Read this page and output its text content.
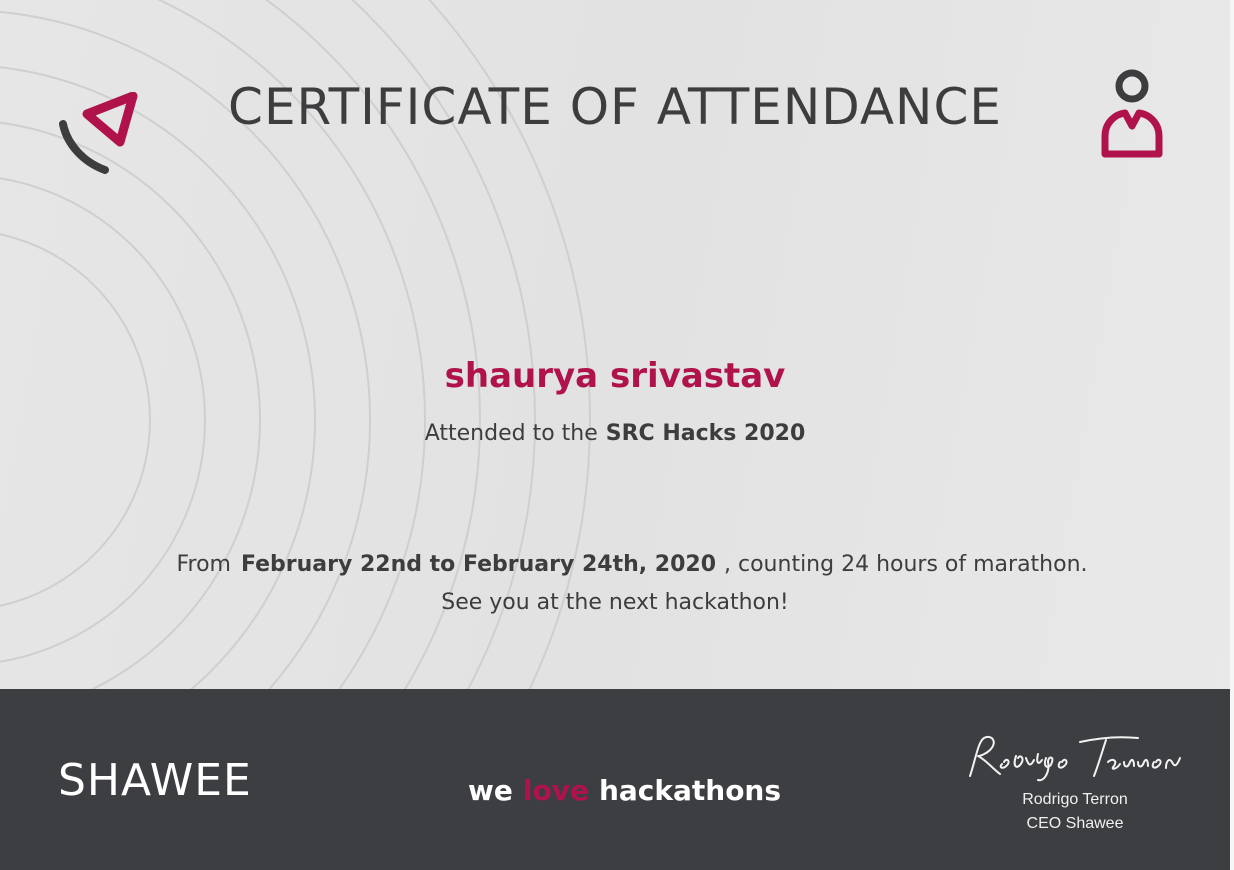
CERTIFICATE OF ATTENDANCE
shaurya srivastav
Attended to the SRC Hacks 2020
From February 22nd to February 24th, 2020 , counting 24 hours of marathon.
See you at the next hackathon!
SHAWEE	we love hackathons	Rodrigo Terron
CEO Shawee
